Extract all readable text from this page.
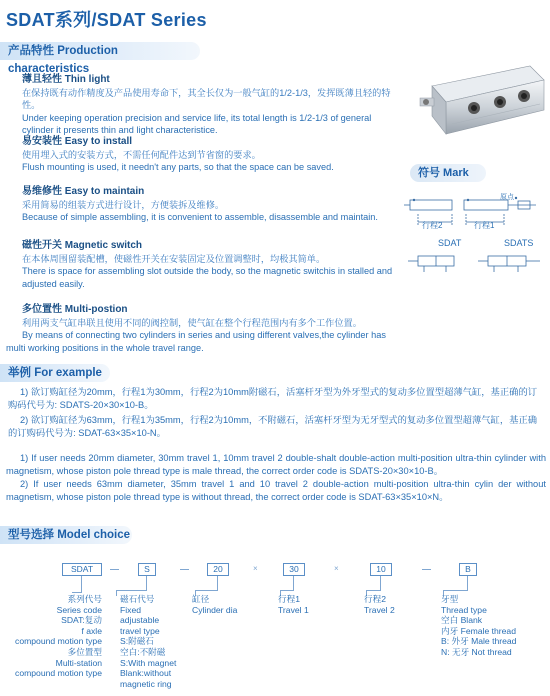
SDAT系列/SDAT Series
产品特性 Production characteristics
薄且轻性 Thin light
在保持既有动作精度及产品使用寿命下，其全长仅为一般气缸的1/2-1/3，发挥既薄且轻的特性。
Under keeping operation precision and service life, its total length is 1/2-1/3 of general cylinder it presents thin and light characteristice.
易安装性 Easy to install
使用埋入式的安装方式，不需任何配件达到节省窗的要求。
Flush mounting is used, it needn't any parts, so that the space can be saved.
易维修性 Easy to maintain
采用简易的组装方式进行设计，方便装拆及维修。
Because of simple assembling, it is convenient to assemble, disassemble and maintain.
磁性开关 Magnetic switch
在本体周围留装配槽，使磁性开关在安装固定及位置调整时，均极其简单。
There is space for assembling slot outside the body, so the magnetic switchis in stalled and adjusted easily.
多位置性 Multi-postion
利用两支气缸串联且使用不同的阀控制，使气缸在整个行程范围内有多个工作位置。
By means of connecting two cylinders in series and using different valves,the cylinder has multi working positions in the whole travel range.
符号 Mark
行程2	行程1
原点
SDAT	SDATS
举例 For example
1) 欲订购缸径为20mm，行程1为30mm，行程2为10mm附磁石，活塞杆牙型为外牙型式的复动多位置型超薄气缸，基正确的订购码代号为: SDATS-20×30×10-B。
2) 欲订购缸径为63mm，行程1为35mm，行程2为10mm，不附磁石，活塞杆牙型为无牙型式的复动多位置型超薄气缸，基正确的订购码代号为: SDAT-63×35×10-N。
1) If user needs 20mm diameter, 30mm travel 1, 10mm travel 2 double-shalt double-action multi-position ultra-thin cylinder with magnetism, whose piston pole thread type is male thread, the correct order code is SDATS-20×30×10-B。
2) If user needs 63mm diameter, 35mm travel 1 and 10 travel 2 double-action multi-position ultra-thin cylin der without magnetism, whose piston pole thread type is without thread, the correct order code is SDAT-63×35×10×N。
型号选择 Model choice
SDAT	S	20	×	30	×	10	B
系列代号
Series code
SDAT:复动
f axle
compound motion type
多位置型
Multi-station
compound motion type
磁石代号
Fixed
adjustable
travel type
S:附磁石
空白:不附磁
S:With magnet
Blank:without
magnetic ring
缸径
Cylinder dia
行程1
Travel 1
行程2
Travel 2
牙型
Thread type
空白 Blank
内牙 Female thread
B: 外牙 Male thread
N: 无牙 Not thread
